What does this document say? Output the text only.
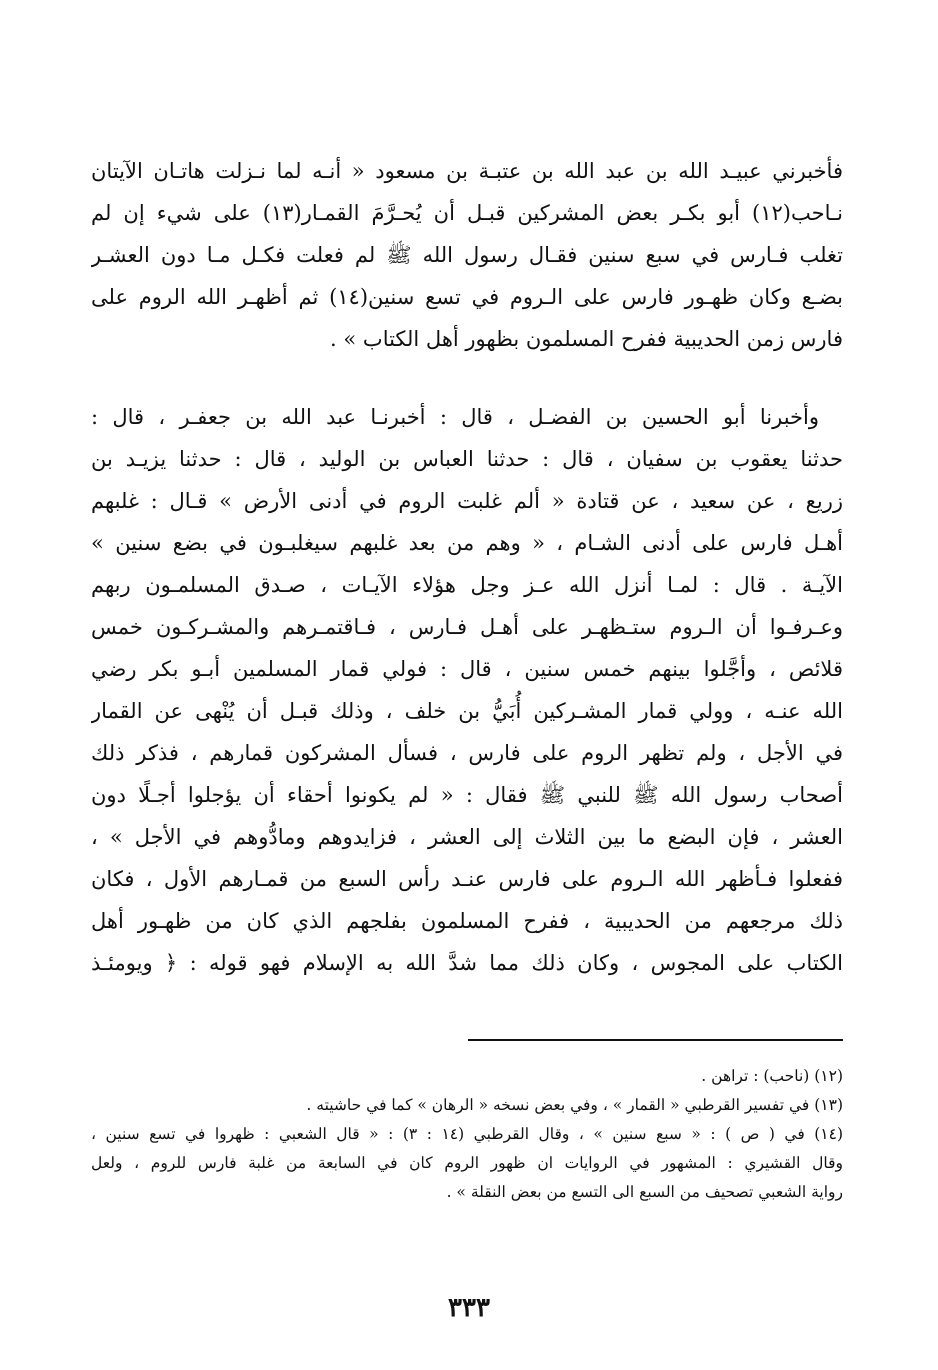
فأخبرني عبيـد الله بن عبد الله بن عتبـة بن مسعود « أنـه لما نـزلت هاتـان الآيتان
نـاحب(١٢) أبو بكـر بعض المشركين قبـل أن يُحـرَّمَ القمـار(١٣) على شيء إن لم
تغلب فـارس في سبع سنين فقـال رسول الله ﷺ لم فعلت فكـل مـا دون العشـر
بضـع وكان ظهـور فارس على الـروم في تسع سنين(١٤) ثم أظهـر الله الروم على
فارس زمن الحديبية ففرح المسلمون بظهور أهل الكتاب » .
وأخبرنا أبو الحسين بن الفضـل ، قال : أخبرنـا عبد الله بن جعفـر ، قال :
حدثنا يعقوب بن سفيان ، قال : حدثنا العباس بن الوليد ، قال : حدثنا يزيـد بن
زريع ، عن سعيد ، عن قتادة « ألم غلبت الروم في أدنى الأرض » قـال : غلبهم
أهـل فارس على أدنى الشـام ، « وهم من بعد غلبهم سيغلبـون في بضع سنين »
الآيـة . قال : لمـا أنزل الله عـز وجل هؤلاء الآيـات ، صـدق المسلمـون ربهم
وعـرفـوا أن الـروم ستـظهـر على أهـل فـارس ، فـاقتمـرهم والمشـركـون خمس
قلائص ، وأجَّلوا بينهم خمس سنين ، قال : فولي قمار المسلمين أبـو بكر رضي
الله عنـه ، وولي قمار المشـركين أُبَيُّ بن خلف ، وذلك قبـل أن يُنْهى عن القمار
في الأجل ، ولم تظهر الروم على فارس ، فسأل المشركون قمارهم ، فذكر ذلك
أصحاب رسول الله ﷺ للنبي ﷺ فقال : « لم يكونوا أحقاء أن يؤجلوا أجـلًا دون
العشر ، فإن البضع ما بين الثلاث إلى العشر ، فزايدوهم ومادُّوهم في الأجل » ،
ففعلوا فـأظهر الله الـروم على فارس عنـد رأس السبع من قمـارهم الأول ، فكان
ذلك مرجعهم من الحديبية ، ففرح المسلمون بفلجهم الذي كان من ظهـور أهل
الكتاب على المجوس ، وكان ذلك مما شدَّ الله به الإسلام فهو قوله : ﴿ ويومئـذ
(١٢) (ناحب) : تراهن .
(١٣) في تفسير القرطبي « القمار » ، وفي بعض نسخه « الرهان » كما في حاشيته .
(١٤) في ( ص ) : « سبع سنين » ، وقال القرطبي (١٤ : ٣) : « قال الشعبي : ظهروا في تسع سنين ،
وقال القشيري : المشهور في الروايات ان ظهور الروم كان في السابعة من غلبة فارس للروم ، ولعل
رواية الشعبي تصحيف من السبع الى التسع من بعض النقلة » .
٣٣٣
